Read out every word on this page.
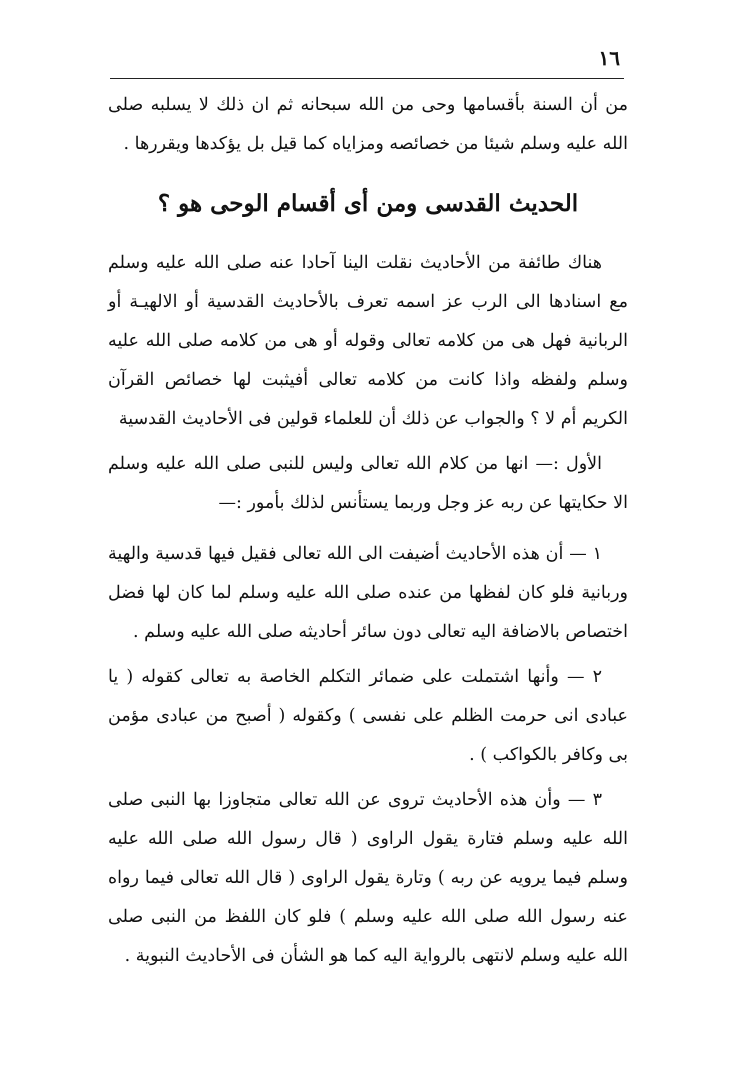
١٦

من أن السنة بأقسامها وحى من الله سبحانه ثم ان ذلك لا يسلبه صلى الله عليه وسلم شيئا من خصائصه ومزاياه كما قيل بل يؤكدها ويقررها .

الحديث القدسى ومن أى أقسام الوحى هو ؟

هناك طائفة من الأحاديث نقلت الينا آحادا عنه صلى الله عليه وسلم مع اسنادها الى الرب عز اسمه تعرف بالأحاديث القدسية أو الالهيـة أو الربانية فهل هى من كلامه تعالى وقوله أو هى من كلامه صلى الله عليه وسلم ولفظه واذا كانت من كلامه تعالى أفيثبت لها خصائص القرآن الكريم أم لا ؟ والجواب عن ذلك أن للعلماء قولين فى الأحاديث القدسية

الأول :— انها من كلام الله تعالى وليس للنبى صلى الله عليه وسلم الا حكايتها عن ربه عز وجل وربما يستأنس لذلك بأمور :—

١ — أن هذه الأحاديث أضيفت الى الله تعالى فقيل فيها قدسية والهية وربانية فلو كان لفظها من عنده صلى الله عليه وسلم لما كان لها فضل اختصاص بالاضافة اليه تعالى دون سائر أحاديثه صلى الله عليه وسلم .

٢ — وأنها اشتملت على ضمائر التكلم الخاصة به تعالى كقوله ( يا عبادى انى حرمت الظلم على نفسى ) وكقوله ( أصبح من عبادى مؤمن بى وكافر بالكواكب ) .

٣ — وأن هذه الأحاديث تروى عن الله تعالى متجاوزا بها النبى صلى الله عليه وسلم فتارة يقول الراوى ( قال رسول الله صلى الله عليه وسلم فيما يرويه عن ربه ) وتارة يقول الراوى ( قال الله تعالى فيما رواه عنه رسول الله صلى الله عليه وسلم ) فلو كان اللفظ من النبى صلى الله عليه وسلم لانتهى بالرواية اليه كما هو الشأن فى الأحاديث النبوية .
